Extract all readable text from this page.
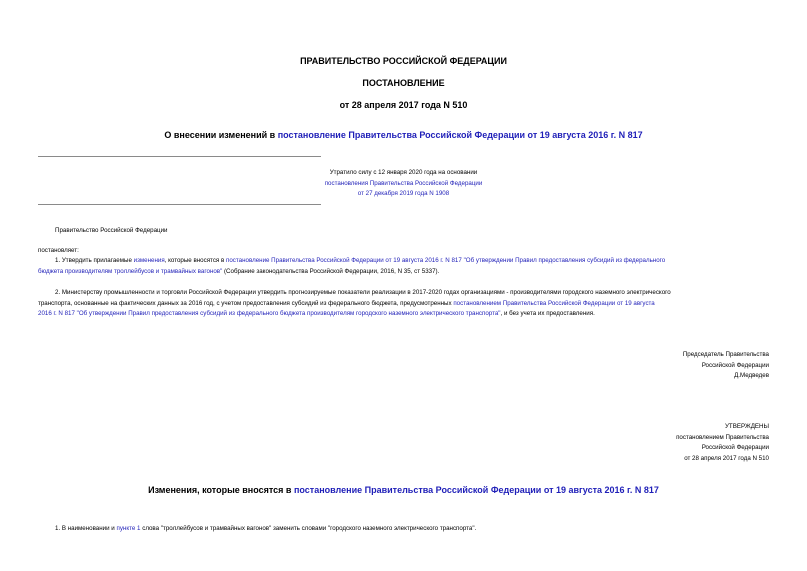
ПРАВИТЕЛЬСТВО РОССИЙСКОЙ ФЕДЕРАЦИИ
ПОСТАНОВЛЕНИЕ
от 28 апреля 2017 года N 510
О внесении изменений в постановление Правительства Российской Федерации от 19 августа 2016 г. N 817
Утратило силу с 12 января 2020 года на основании
постановления Правительства Российской Федерации
от 27 декабря 2019 года N 1908
Правительство Российской Федерации
постановляет:
1. Утвердить прилагаемые изменения, которые вносятся в постановление Правительства Российской Федерации от 19 августа 2016 г. N 817 "Об утверждении Правил предоставления субсидий из федерального
бюджета производителям троллейбусов и трамвайных вагонов" (Собрание законодательства Российской Федерации, 2016, N 35, ст 5337).
2. Министерству промышленности и торговли Российской Федерации утвердить прогнозируемые показатели реализации в 2017-2020 годах организациями - производителями городского наземного электрического
транспорта, основанные на фактических данных за 2016 год, с учетом предоставления субсидий из федерального бюджета, предусмотренных постановлением Правительства Российской Федерации от 19 августа
2016 г. N 817 "Об утверждении Правил предоставления субсидий из федерального бюджета производителям городского наземного электрического транспорта", и без учета их предоставления.
Председатель Правительства
Российской Федерации
Д.Медведев
УТВЕРЖДЕНЫ
постановлением Правительства
Российской Федерации
от 28 апреля 2017 года N 510
Изменения, которые вносятся в постановление Правительства Российской Федерации от 19 августа 2016 г. N 817
1. В наименовании и пункте 1 слова "троллейбусов и трамвайных вагонов" заменить словами "городского наземного электрического транспорта".
